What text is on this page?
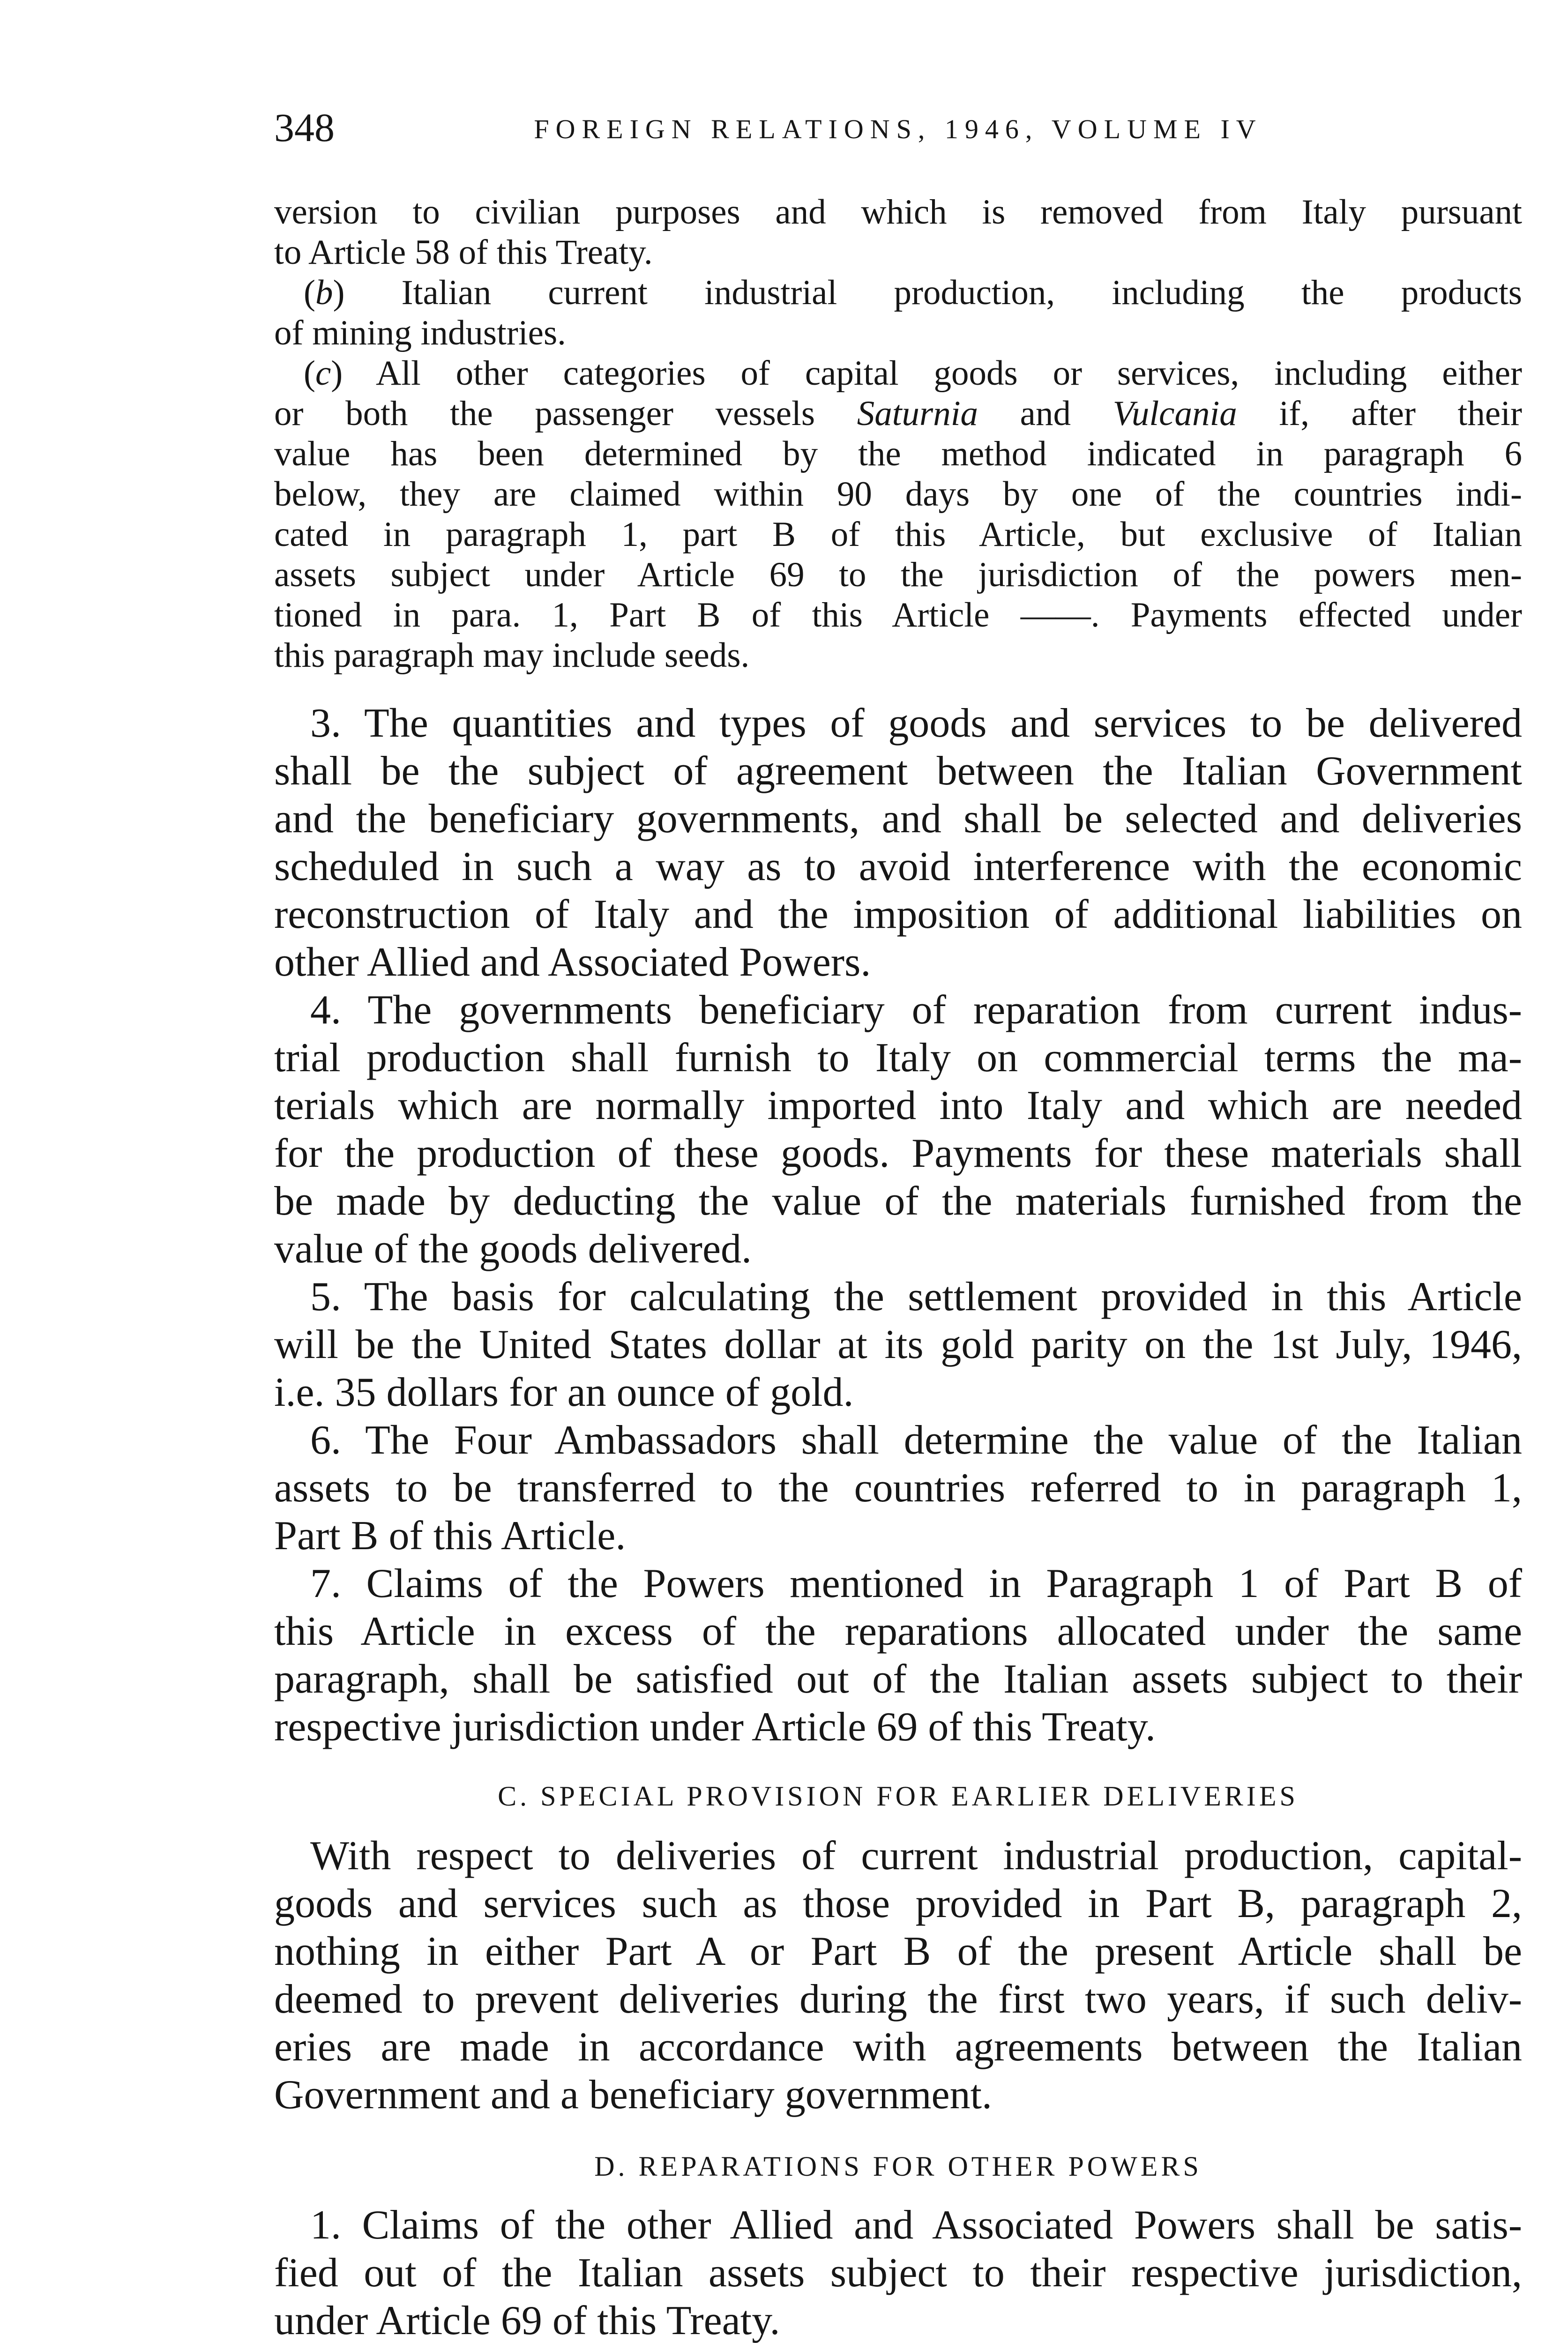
348	FOREIGN RELATIONS, 1946, VOLUME IV
version to civilian purposes and which is removed from Italy pursuant
to Article 58 of this Treaty.
(b) Italian current industrial production, including the products
of mining industries.
(c) All other categories of capital goods or services, including either
or both the passenger vessels Saturnia and Vulcania if, after their
value has been determined by the method indicated in paragraph 6
below, they are claimed within 90 days by one of the countries indi-
cated in paragraph 1, part B of this Article, but exclusive of Italian
assets subject under Article 69 to the jurisdiction of the powers men-
tioned in para. 1, Part B of this Article ——. Payments effected under
this paragraph may include seeds.
3. The quantities and types of goods and services to be delivered
shall be the subject of agreement between the Italian Government
and the beneficiary governments, and shall be selected and deliveries
scheduled in such a way as to avoid interference with the economic
reconstruction of Italy and the imposition of additional liabilities on
other Allied and Associated Powers.
4. The governments beneficiary of reparation from current indus-
trial production shall furnish to Italy on commercial terms the ma-
terials which are normally imported into Italy and which are needed
for the production of these goods. Payments for these materials shall
be made by deducting the value of the materials furnished from the
value of the goods delivered.
5. The basis for calculating the settlement provided in this Article
will be the United States dollar at its gold parity on the 1st July, 1946,
i.e. 35 dollars for an ounce of gold.
6. The Four Ambassadors shall determine the value of the Italian
assets to be transferred to the countries referred to in paragraph 1,
Part B of this Article.
7. Claims of the Powers mentioned in Paragraph 1 of Part B of
this Article in excess of the reparations allocated under the same
paragraph, shall be satisfied out of the Italian assets subject to their
respective jurisdiction under Article 69 of this Treaty.
C. SPECIAL PROVISION FOR EARLIER DELIVERIES
With respect to deliveries of current industrial production, capital-
goods and services such as those provided in Part B, paragraph 2,
nothing in either Part A or Part B of the present Article shall be
deemed to prevent deliveries during the first two years, if such deliv-
eries are made in accordance with agreements between the Italian
Government and a beneficiary government.
D. REPARATIONS FOR OTHER POWERS
1. Claims of the other Allied and Associated Powers shall be satis-
fied out of the Italian assets subject to their respective jurisdiction,
under Article 69 of this Treaty.
